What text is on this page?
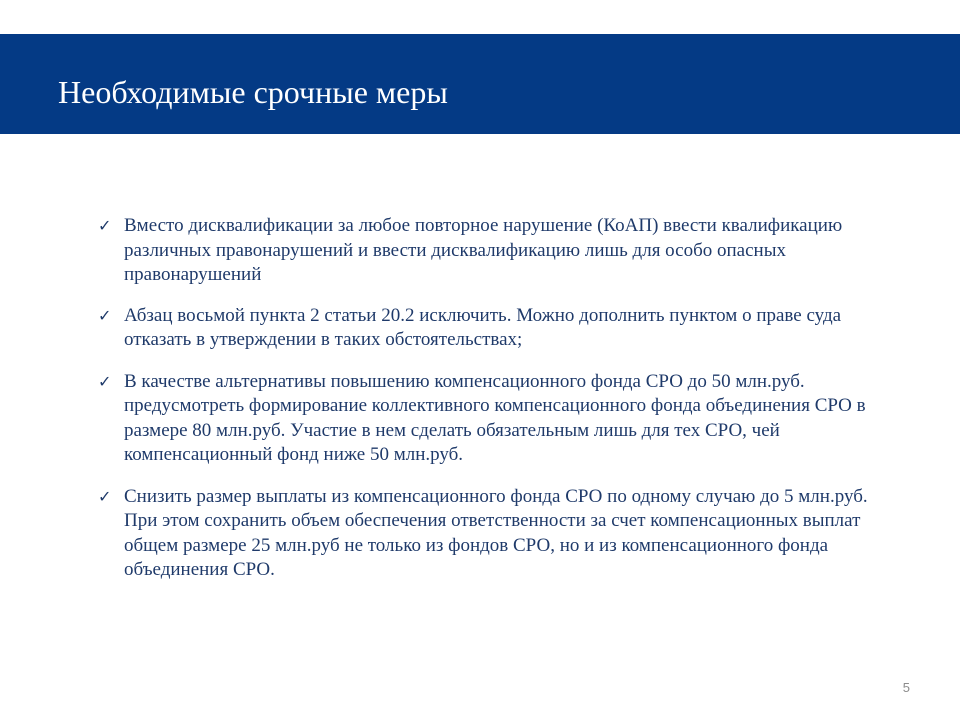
Необходимые срочные меры
✓ Вместо дисквалификации за любое повторное нарушение (КоАП) ввести квалификацию различных правонарушений и ввести дисквалификацию лишь для особо опасных правонарушений
✓ Абзац восьмой пункта 2 статьи 20.2 исключить. Можно дополнить пунктом о праве суда отказать в утверждении в таких обстоятельствах;
✓ В качестве альтернативы повышению компенсационного фонда СРО до 50 млн.руб. предусмотреть формирование коллективного компенсационного фонда объединения СРО в размере 80 млн.руб. Участие в нем сделать обязательным лишь для тех СРО, чей компенсационный фонд ниже 50 млн.руб.
✓ Снизить размер выплаты из компенсационного фонда СРО по одному случаю до 5 млн.руб. При этом сохранить объем обеспечения ответственности за счет компенсационных выплат общем размере 25 млн.руб не только из фондов СРО, но и из компенсационного фонда объединения СРО.
5
